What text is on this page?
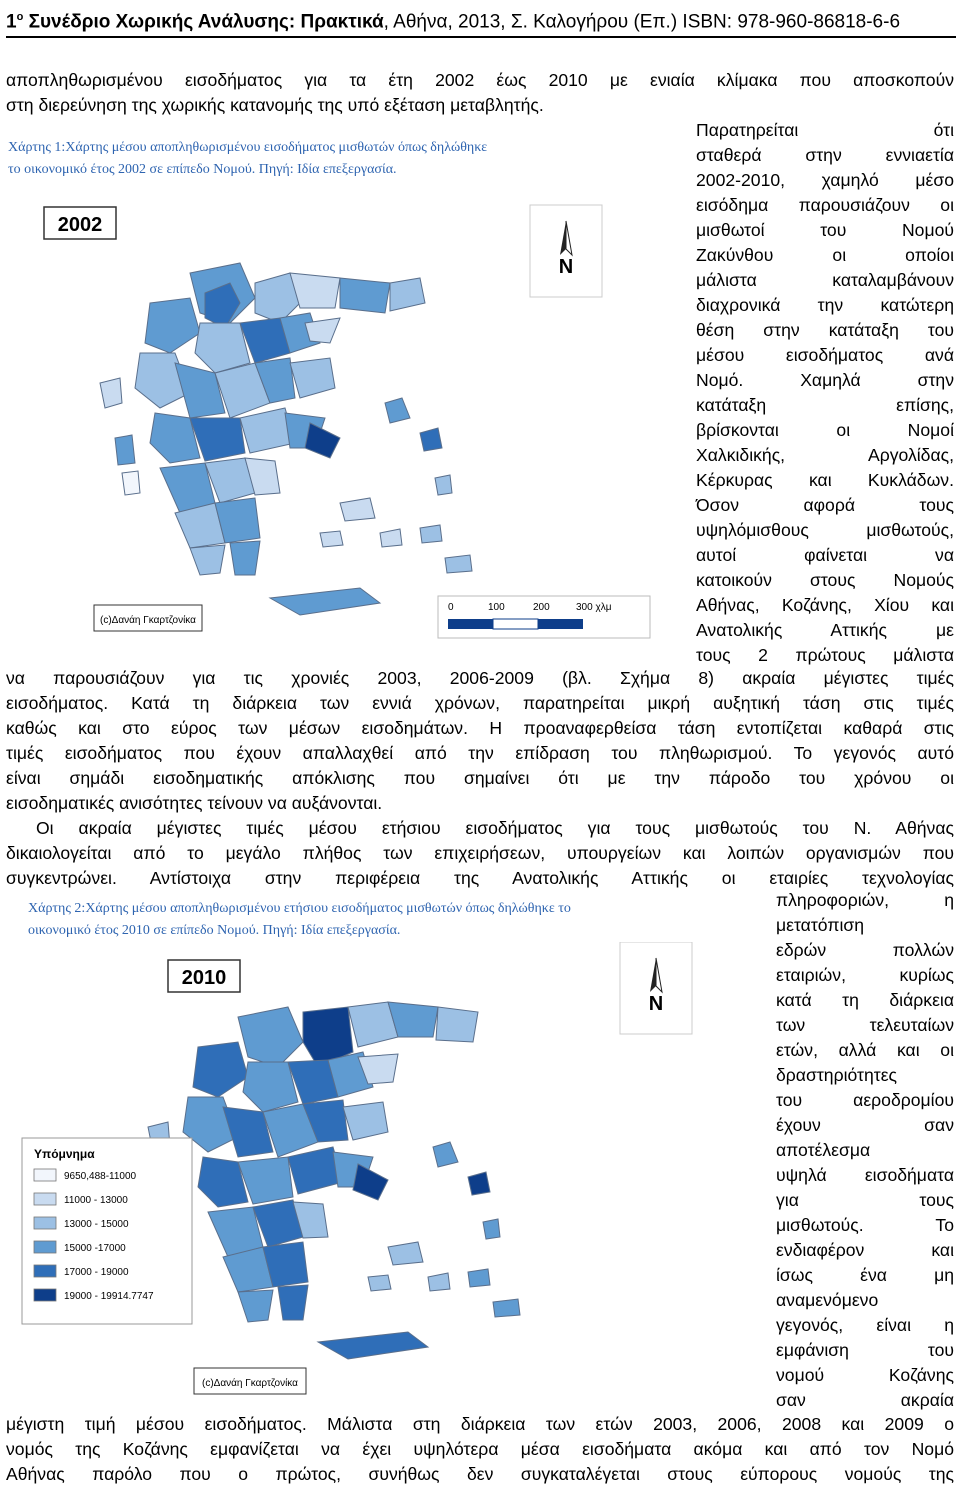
$1^o$ Συνέδριο Χωρικής Ανάλυσης: Πρακτικά, Αθήνα, 2013, Σ. Καλογήρου (Επ.) ISBN: 978-960-86818-6-6
αποπληθωρισμένου εισοδήματος για τα έτη 2002 έως 2010 με ενιαία κλίμακα που αποσκοπούν
στη διερεύνηση της χωρικής κατανομής της υπό εξέταση μεταβλητής.
Χάρτης 1:Χάρτης μέσου αποπληθωρισμένου εισοδήματος μισθωτών όπως δηλώθηκε
το οικονομικό έτος 2002 σε επίπεδο Νομού. Πηγή: Ιδία επεξεργασία.
2002
N
(c)Δανάη Γκαρτζονίκα
0	100	200	300 χλμ
Παρατηρείται ότι
σταθερά στην εννιαετία
2002-2010, χαμηλό μέσο
εισόδημα παρουσιάζουν οι
μισθωτοί του Νομού
Ζακύνθου οι οποίοι
μάλιστα καταλαμβάνουν
διαχρονικά την κατώτερη
θέση στην κατάταξη του
μέσου εισοδήματος ανά
Νομό. Χαμηλά στην
κατάταξη επίσης,
βρίσκονται οι Νομοί
Χαλκιδικής, Αργολίδας,
Κέρκυρας και Κυκλάδων.
Όσον αφορά τους
υψηλόμισθους μισθωτούς,
αυτοί φαίνεται να
κατοικούν στους Νομούς
Αθήνας, Κοζάνης, Χίου και
Ανατολικής Αττικής με
τους 2 πρώτους μάλιστα
να παρουσιάζουν για τις χρονιές 2003, 2006-2009 (βλ. Σχήμα 8) ακραία μέγιστες τιμές
εισοδήματος. Κατά τη διάρκεια των εννιά χρόνων, παρατηρείται μικρή αυξητική τάση στις τιμές
καθώς και στο εύρος των μέσων εισοδημάτων. Η προαναφερθείσα τάση εντοπίζεται καθαρά στις
τιμές εισοδήματος που έχουν απαλλαχθεί από την επίδραση του πληθωρισμού. Το γεγονός αυτό
είναι σημάδι εισοδηματικής απόκλισης που σημαίνει ότι με την πάροδο του χρόνου οι
εισοδηματικές ανισότητες τείνουν να αυξάνονται.
Οι ακραία μέγιστες τιμές μέσου ετήσιου εισοδήματος για τους μισθωτούς του Ν. Αθήνας
δικαιολογείται από το μεγάλο πλήθος των επιχειρήσεων, υπουργείων και λοιπών οργανισμών που
συγκεντρώνει. Αντίστοιχα στην περιφέρεια της Ανατολικής Αττικής οι εταιρίες τεχνολογίας
Χάρτης 2:Χάρτης μέσου αποπληθωρισμένου ετήσιου εισοδήματος μισθωτών όπως δηλώθηκε το
οικονομικό έτος 2010 σε επίπεδο Νομού. Πηγή: Ιδία επεξεργασία.
2010
N
Υπόμνημα
9650,488-11000
11000 - 13000
13000 - 15000
15000 -17000
17000 - 19000
19000 - 19914.7747
(c)Δανάη Γκαρτζονίκα
πληροφοριών, η
μετατόπιση
εδρών πολλών
εταιριών, κυρίως
κατά τη διάρκεια
των τελευταίων
ετών, αλλά και οι
δραστηριότητες
του αεροδρομίου
έχουν σαν
αποτέλεσμα
υψηλά εισοδήματα
για τους
μισθωτούς. Το
ενδιαφέρον και
ίσως ένα μη
αναμενόμενο
γεγονός, είναι η
εμφάνιση του
νομού Κοζάνης
σαν ακραία
μέγιστη τιμή μέσου εισοδήματος. Μάλιστα στη διάρκεια των ετών 2003, 2006, 2008 και 2009 ο
νομός της Κοζάνης εμφανίζεται να έχει υψηλότερα μέσα εισοδήματα ακόμα και από τον Νομό
Αθήνας παρόλο που ο πρώτος, συνήθως δεν συγκαταλέγεται στους εύπορους νομούς της
